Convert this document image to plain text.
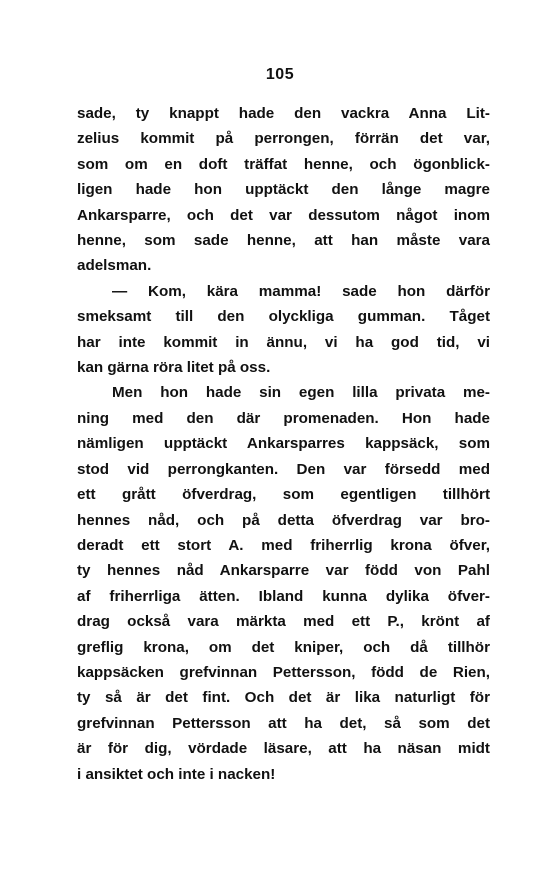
105

sade, ty knappt hade den vackra Anna Lit-
zelius kommit på perrongen, förrän det var,
som om en doft träffat henne, och ögonblick-
ligen hade hon upptäckt den långe magre
Ankarsparre, och det var dessutom något inom
henne, som sade henne, att han måste vara
adelsman.

— Kom, kära mamma! sade hon därför
smeksamt till den olyckliga gumman. Tåget
har inte kommit in ännu, vi ha god tid, vi
kan gärna röra litet på oss.

Men hon hade sin egen lilla privata me-
ning med den där promenaden. Hon hade
nämligen upptäckt Ankarsparres kappsäck, som
stod vid perrongkanten. Den var försedd med
ett grått öfverdrag, som egentligen tillhört
hennes nåd, och på detta öfverdrag var bro-
deradt ett stort A. med friherrlig krona öfver,
ty hennes nåd Ankarsparre var född von Pahl
af friherrliga ätten. Ibland kunna dylika öfver-
drag också vara märkta med ett P., krönt af
greflig krona, om det kniper, och då tillhör
kappsäcken grefvinnan Pettersson, född de Rien,
ty så är det fint. Och det är lika naturligt för
grefvinnan Pettersson att ha det, så som det
är för dig, vördade läsare, att ha näsan midt
i ansiktet och inte i nacken!
